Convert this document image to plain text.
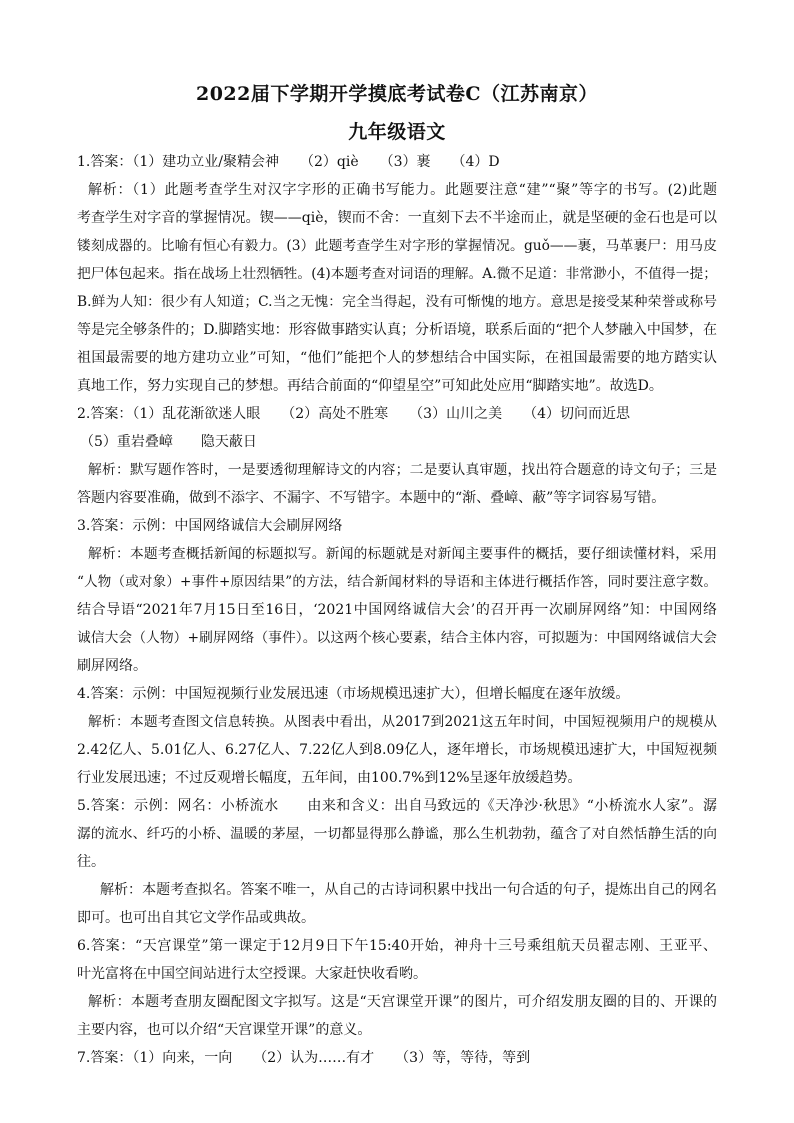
2022届下学期开学摸底考试卷C（江苏南京）
九年级语文
1.答案：（1）建功立业/聚精会神　　（2）qiè　　（3）裹　　（4）D
解析：（1）此题考查学生对汉字字形的正确书写能力。此题要注意“建”“聚”等字的书写。(2)此题
考查学生对字音的掌握情况。锲——qiè，锲而不舍：一直刻下去不半途而止，就是坚硬的金石也是可以
镂刻成器的。比喻有恒心有毅力。(3）此题考查学生对字形的掌握情况。guǒ——裹，马革裹尸：用马皮
把尸体包起来。指在战场上壮烈牺牲。(4)本题考查对词语的理解。A.微不足道：非常渺小，不值得一提；
B.鲜为人知：很少有人知道；C.当之无愧：完全当得起，没有可惭愧的地方。意思是接受某种荣誉或称号
等是完全够条件的；D.脚踏实地：形容做事踏实认真；分析语境，联系后面的“把个人梦融入中国梦，在
祖国最需要的地方建功立业”可知，“他们”能把个人的梦想结合中国实际，在祖国最需要的地方踏实认
真地工作，努力实现自己的梦想。再结合前面的“仰望星空”可知此处应用“脚踏实地”。故选D。
2.答案：（1）乱花渐欲迷人眼　　（2）高处不胜寒　　（3）山川之美　　（4）切问而近思
（5）重岩叠嶂　　隐天蔽日
解析：默写题作答时，一是要透彻理解诗文的内容；二是要认真审题，找出符合题意的诗文句子；三是
答题内容要准确，做到不添字、不漏字、不写错字。本题中的“渐、叠嶂、蔽”等字词容易写错。
3.答案：示例：中国网络诚信大会刷屏网络
解析：本题考查概括新闻的标题拟写。新闻的标题就是对新闻主要事件的概括，要仔细读懂材料，采用
“人物（或对象）+事件+原因结果”的方法，结合新闻材料的导语和主体进行概括作答，同时要注意字数。
结合导语“2021年7月15日至16日，‘2021中国网络诚信大会’的召开再一次刷屏网络”知：中国网络
诚信大会（人物）+刷屏网络（事件）。以这两个核心要素，结合主体内容，可拟题为：中国网络诚信大会
刷屏网络。
4.答案：示例：中国短视频行业发展迅速（市场规模迅速扩大），但增长幅度在逐年放缓。
解析：本题考查图文信息转换。从图表中看出，从2017到2021这五年时间，中国短视频用户的规模从
2.42亿人、5.01亿人、6.27亿人、7.22亿人到8.09亿人，逐年增长，市场规模迅速扩大，中国短视频
行业发展迅速；不过反观增长幅度，五年间，由100.7%到12%呈逐年放缓趋势。
5.答案：示例：网名：小桥流水　　由来和含义：出自马致远的《天净沙·秋思》“小桥流水人家”。潺
潺的流水、纤巧的小桥、温暖的茅屋，一切都显得那么静谧，那么生机勃勃，蕴含了对自然恬静生活的向
往。
解析：本题考查拟名。答案不唯一，从自己的古诗词积累中找出一句合适的句子，提炼出自己的网名
即可。也可出自其它文学作品或典故。
6.答案：“天宫课堂”第一课定于12月9日下午15:40开始，神舟十三号乘组航天员翟志刚、王亚平、
叶光富将在中国空间站进行太空授课。大家赶快收看哟。
解析：本题考查朋友圈配图文字拟写。这是“天宫课堂开课”的图片，可介绍发朋友圈的目的、开课的
主要内容，也可以介绍“天宫课堂开课”的意义。
7.答案：（1）向来，一向　　（2）认为……有才　　（3）等，等待，等到
